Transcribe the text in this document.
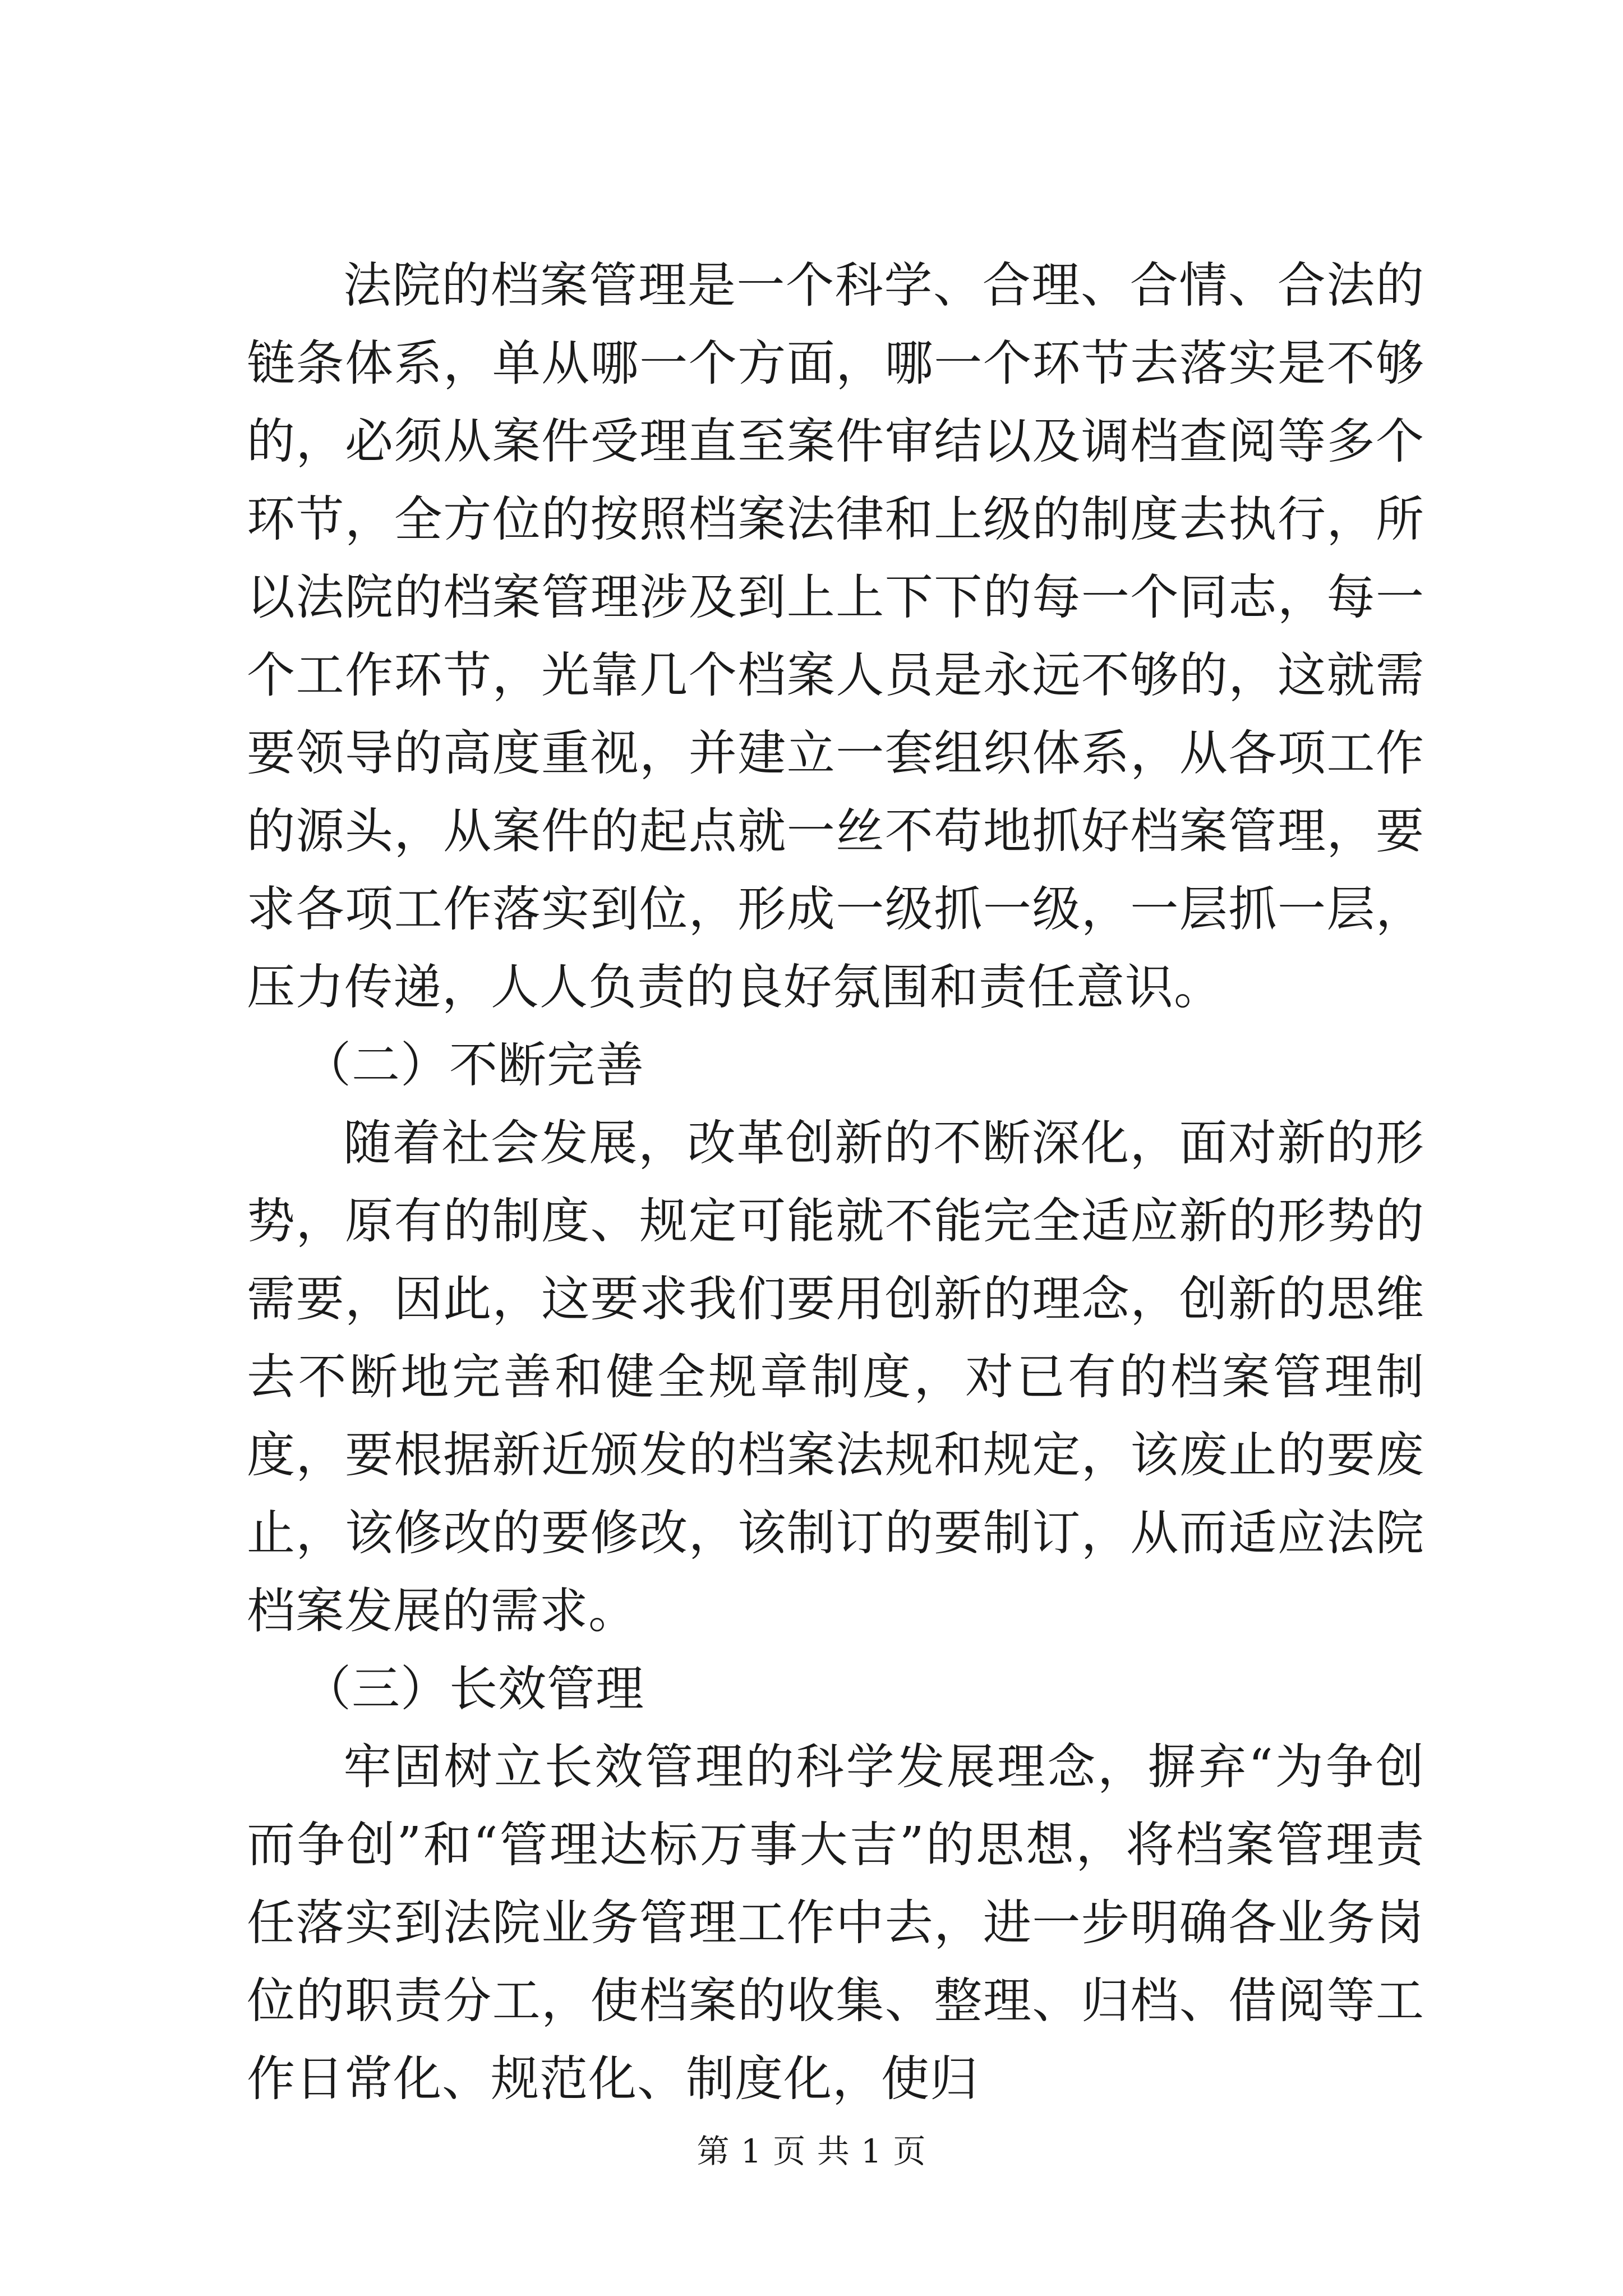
法院的档案管理是一个科学、合理、合情、合法的链条体系，单从哪一个方面，哪一个环节去落实是不够的，必须从案件受理直至案件审结以及调档查阅等多个环节，全方位的按照档案法律和上级的制度去执行，所以法院的档案管理涉及到上上下下的每一个同志，每一个工作环节，光靠几个档案人员是永远不够的，这就需要领导的高度重视，并建立一套组织体系，从各项工作的源头，从案件的起点就一丝不苟地抓好档案管理，要求各项工作落实到位，形成一级抓一级，一层抓一层，压力传递，人人负责的良好氛围和责任意识。

（二）不断完善

随着社会发展，改革创新的不断深化，面对新的形势，原有的制度、规定可能就不能完全适应新的形势的需要，因此，这要求我们要用创新的理念，创新的思维去不断地完善和健全规章制度，对已有的档案管理制度，要根据新近颁发的档案法规和规定，该废止的要废止，该修改的要修改，该制订的要制订，从而适应法院档案发展的需求。

（三）长效管理

牢固树立长效管理的科学发展理念，摒弃“为争创而争创”和“管理达标万事大吉”的思想，将档案管理责任落实到法院业务管理工作中去，进一步明确各业务岗位的职责分工，使档案的收集、整理、归档、借阅等工作日常化、规范化、制度化，使归

第 1 页 共 1 页
